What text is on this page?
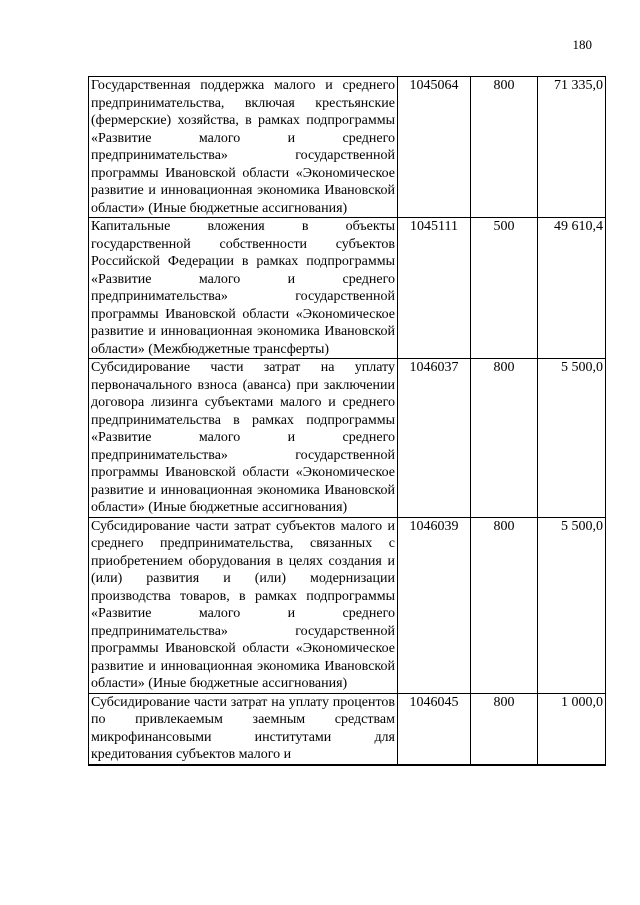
180
Государственная поддержка малого и среднего предпринимательства, включая крестьянские (фермерские) хозяйства, в рамках подпрограммы «Развитие малого и среднего предпринимательства» государственной программы Ивановской области «Экономическое развитие и инновационная экономика Ивановской области» (Иные бюджетные ассигнования)	1045064	800	71 335,0
Капитальные вложения в объекты государственной собственности субъектов Российской Федерации в рамках подпрограммы «Развитие малого и среднего предпринимательства» государственной программы Ивановской области «Экономическое развитие и инновационная экономика Ивановской области» (Межбюджетные трансферты)	1045111	500	49 610,4
Субсидирование части затрат на уплату первоначального взноса (аванса) при заключении договора лизинга субъектами малого и среднего предпринимательства в рамках подпрограммы «Развитие малого и среднего предпринимательства» государственной программы Ивановской области «Экономическое развитие и инновационная экономика Ивановской области» (Иные бюджетные ассигнования)	1046037	800	5 500,0
Субсидирование части затрат субъектов малого и среднего предпринимательства, связанных с приобретением оборудования в целях создания и (или) развития и (или) модернизации производства товаров, в рамках подпрограммы «Развитие малого и среднего предпринимательства» государственной программы Ивановской области «Экономическое развитие и инновационная экономика Ивановской области» (Иные бюджетные ассигнования)	1046039	800	5 500,0
Субсидирование части затрат на уплату процентов по привлекаемым заемным средствам микрофинансовыми институтами для кредитования субъектов малого и	1046045	800	1 000,0
